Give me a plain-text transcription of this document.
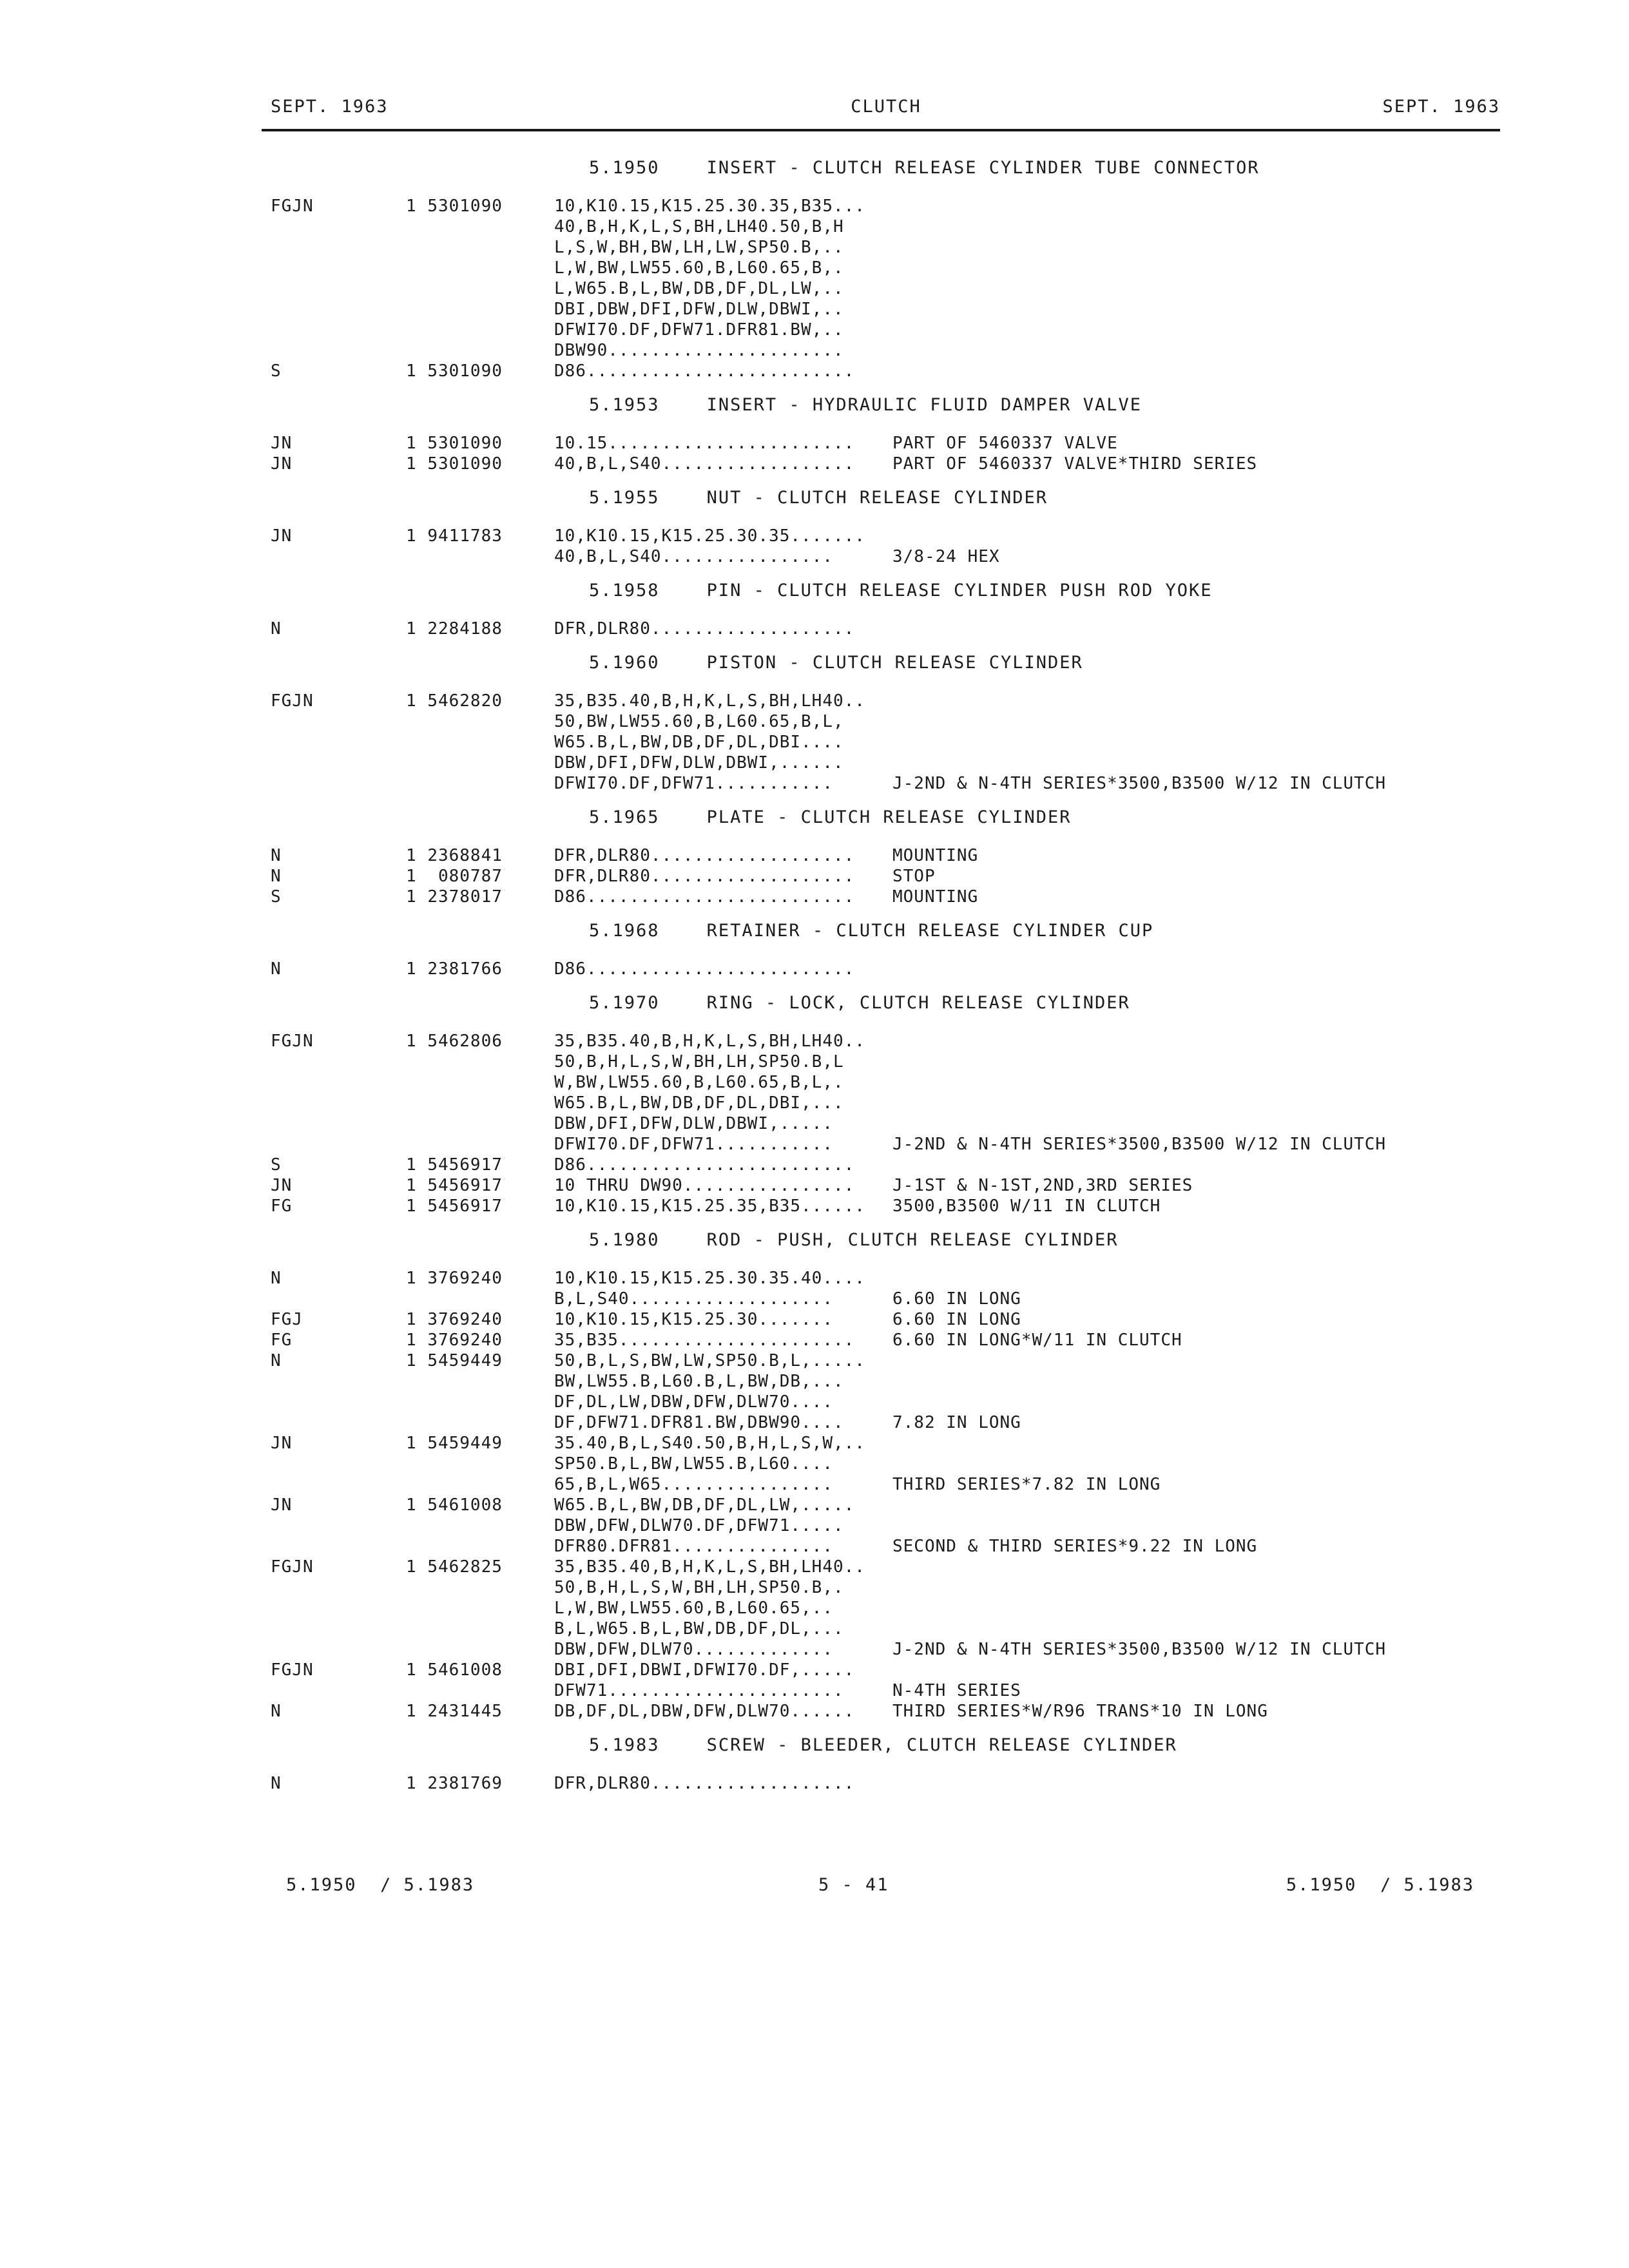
SEPT. 1963	CLUTCH	SEPT. 1963
5.1950	INSERT - CLUTCH RELEASE CYLINDER TUBE CONNECTOR
FGJN	1 5301090	10,K10.15,K15.25.30.35,B35...
40,B,H,K,L,S,BH,LH40.50,B,H
L,S,W,BH,BW,LH,LW,SP50.B,..
L,W,BW,LW55.60,B,L60.65,B,.
L,W65.B,L,BW,DB,DF,DL,LW,..
DBI,DBW,DFI,DFW,DLW,DBWI,..
DFWI70.DF,DFW71.DFR81.BW,..
DBW90......................
S	1 5301090	D86.........................
5.1953	INSERT - HYDRAULIC FLUID DAMPER VALVE
JN	1 5301090	10.15....................... PART OF 5460337 VALVE
JN	1 5301090	40,B,L,S40.................. PART OF 5460337 VALVE*THIRD SERIES
5.1955	NUT - CLUTCH RELEASE CYLINDER
JN	1 9411783	10,K10.15,K15.25.30.35.......
40,B,L,S40................	3/8-24 HEX
5.1958	PIN - CLUTCH RELEASE CYLINDER PUSH ROD YOKE
N	1 2284188	DFR,DLR80...................
5.1960	PISTON - CLUTCH RELEASE CYLINDER
FGJN	1 5462820	35,B35.40,B,H,K,L,S,BH,LH40..
50,BW,LW55.60,B,L60.65,B,L,
W65.B,L,BW,DB,DF,DL,DBI....
DBW,DFI,DFW,DLW,DBWI,......
DFWI70.DF,DFW71...........	J-2ND & N-4TH SERIES*3500,B3500 W/12 IN CLUTCH
5.1965	PLATE - CLUTCH RELEASE CYLINDER
N	1 2368841	DFR,DLR80................... MOUNTING
N	1  080787	DFR,DLR80................... STOP
S	1 2378017	D86......................... MOUNTING
5.1968	RETAINER - CLUTCH RELEASE CYLINDER CUP
N	1 2381766	D86.........................
5.1970	RING - LOCK, CLUTCH RELEASE CYLINDER
FGJN	1 5462806	35,B35.40,B,H,K,L,S,BH,LH40..
50,B,H,L,S,W,BH,LH,SP50.B,L
W,BW,LW55.60,B,L60.65,B,L,.
W65.B,L,BW,DB,DF,DL,DBI,...
DBW,DFI,DFW,DLW,DBWI,.....
DFWI70.DF,DFW71...........	J-2ND & N-4TH SERIES*3500,B3500 W/12 IN CLUTCH
S	1 5456917	D86.........................
JN	1 5456917	10 THRU DW90................ J-1ST & N-1ST,2ND,3RD SERIES
FG	1 5456917	10,K10.15,K15.25.35,B35...... 3500,B3500 W/11 IN CLUTCH
5.1980	ROD - PUSH, CLUTCH RELEASE CYLINDER
N	1 3769240	10,K10.15,K15.25.30.35.40....
B,L,S40...................	6.60 IN LONG
FGJ	1 3769240	10,K10.15,K15.25.30.......	6.60 IN LONG
FG	1 3769240	35,B35...................... 6.60 IN LONG*W/11 IN CLUTCH
N	1 5459449	50,B,L,S,BW,LW,SP50.B,L,.....
BW,LW55.B,L60.B,L,BW,DB,...
DF,DL,LW,DBW,DFW,DLW70....
DF,DFW71.DFR81.BW,DBW90....	7.82 IN LONG
JN	1 5459449	35.40,B,L,S40.50,B,H,L,S,W,..
SP50.B,L,BW,LW55.B,L60....
65,B,L,W65................	THIRD SERIES*7.82 IN LONG
JN	1 5461008	W65.B,L,BW,DB,DF,DL,LW,.....
DBW,DFW,DLW70.DF,DFW71.....
DFR80.DFR81...............	SECOND & THIRD SERIES*9.22 IN LONG
FGJN	1 5462825	35,B35.40,B,H,K,L,S,BH,LH40..
50,B,H,L,S,W,BH,LH,SP50.B,.
L,W,BW,LW55.60,B,L60.65,..
B,L,W65.B,L,BW,DB,DF,DL,...
DBW,DFW,DLW70.............	J-2ND & N-4TH SERIES*3500,B3500 W/12 IN CLUTCH
FGJN	1 5461008	DBI,DFI,DBWI,DFWI70.DF,.....
DFW71......................	N-4TH SERIES
N	1 2431445	DB,DF,DL,DBW,DFW,DLW70...... THIRD SERIES*W/R96 TRANS*10 IN LONG
5.1983	SCREW - BLEEDER, CLUTCH RELEASE CYLINDER
N	1 2381769	DFR,DLR80...................
5.1950  / 5.1983	5 - 41	5.1950  / 5.1983
